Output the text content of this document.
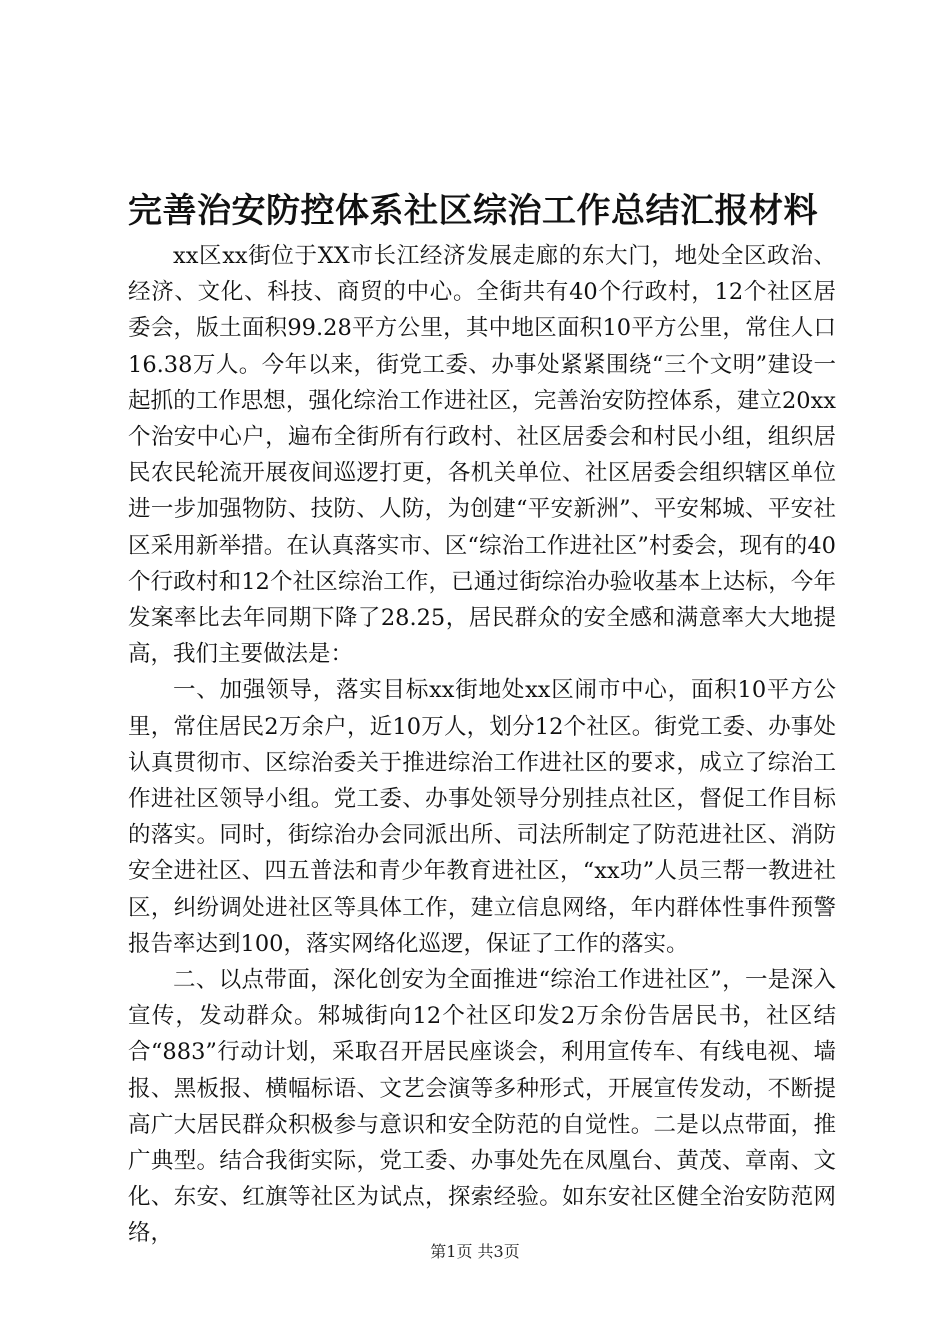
完善治安防控体系社区综治工作总结汇报材料

xx区xx街位于XX市长江经济发展走廊的东大门，地处全区政治、经济、文化、科技、商贸的中心。全街共有40个行政村，12个社区居委会，版土面积99.28平方公里，其中地区面积10平方公里，常住人口16.38万人。今年以来，街党工委、办事处紧紧围绕“三个文明”建设一起抓的工作思想，强化综治工作进社区，完善治安防控体系，建立20xx个治安中心户，遍布全街所有行政村、社区居委会和村民小组，组织居民农民轮流开展夜间巡逻打更，各机关单位、社区居委会组织辖区单位进一步加强物防、技防、人防，为创建“平安新洲”、平安邾城、平安社区采用新举措。在认真落实市、区“综治工作进社区”村委会，现有的40个行政村和12个社区综治工作，已通过街综治办验收基本上达标，今年发案率比去年同期下降了28.25，居民群众的安全感和满意率大大地提高，我们主要做法是：

一、加强领导，落实目标xx街地处xx区闹市中心，面积10平方公里，常住居民2万余户，近10万人，划分12个社区。街党工委、办事处认真贯彻市、区综治委关于推进综治工作进社区的要求，成立了综治工作进社区领导小组。党工委、办事处领导分别挂点社区，督促工作目标的落实。同时，街综治办会同派出所、司法所制定了防范进社区、消防安全进社区、四五普法和青少年教育进社区，“xx功”人员三帮一教进社区，纠纷调处进社区等具体工作，建立信息网络，年内群体性事件预警报告率达到100，落实网络化巡逻，保证了工作的落实。

二、以点带面，深化创安为全面推进“综治工作进社区”，一是深入宣传，发动群众。邾城街向12个社区印发2万余份告居民书，社区结合“883”行动计划，采取召开居民座谈会，利用宣传车、有线电视、墙报、黑板报、横幅标语、文艺会演等多种形式，开展宣传发动，不断提高广大居民群众积极参与意识和安全防范的自觉性。二是以点带面，推广典型。结合我街实际，党工委、办事处先在凤凰台、黄茂、章南、文化、东安、红旗等社区为试点，探索经验。如东安社区健全治安防范网络，

第1页 共3页
